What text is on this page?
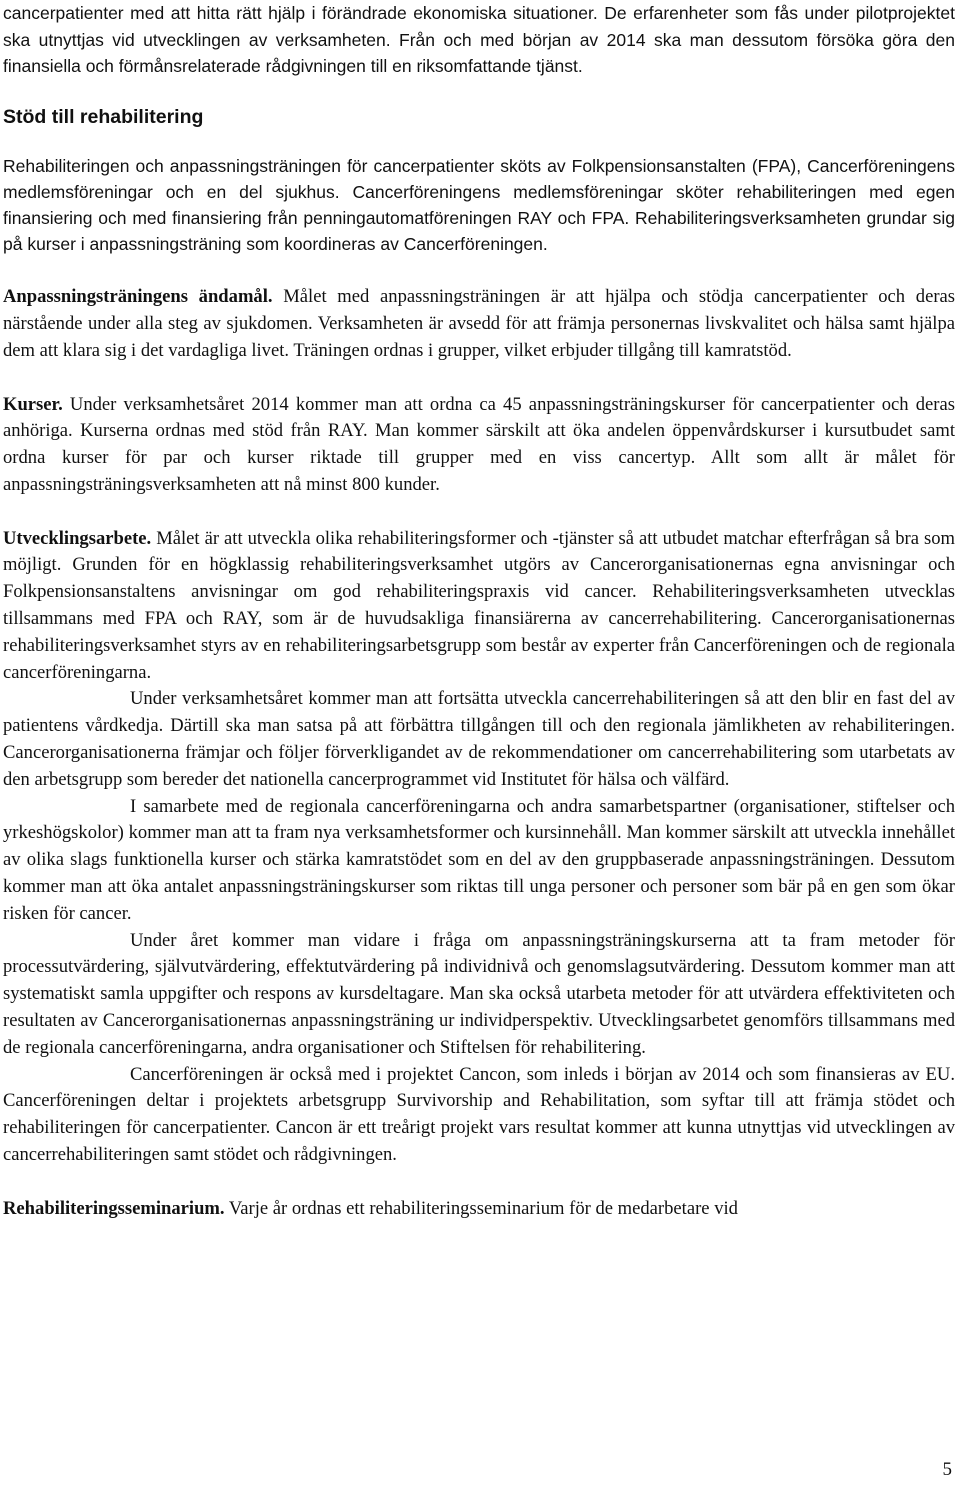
cancerpatienter med att hitta rätt hjälp i förändrade ekonomiska situationer. De erfarenheter som fås under pilotprojektet ska utnyttjas vid utvecklingen av verksamheten. Från och med början av 2014 ska man dessutom försöka göra den finansiella och förmånsrelaterade rådgivningen till en riksomfattande tjänst.

Stöd till rehabilitering

Rehabiliteringen och anpassningsträningen för cancerpatienter sköts av Folkpensionsanstalten (FPA), Cancerföreningens medlemsföreningar och en del sjukhus. Cancerföreningens medlemsföreningar sköter rehabiliteringen med egen finansiering och med finansiering från penningautomatföreningen RAY och FPA. Rehabiliteringsverksamheten grundar sig på kurser i anpassningsträning som koordineras av Cancerföreningen.

Anpassningsträningens ändamål. Målet med anpassningsträningen är att hjälpa och stödja cancerpatienter och deras närstående under alla steg av sjukdomen. Verksamheten är avsedd för att främja personernas livskvalitet och hälsa samt hjälpa dem att klara sig i det vardagliga livet. Träningen ordnas i grupper, vilket erbjuder tillgång till kamratstöd.

Kurser. Under verksamhetsåret 2014 kommer man att ordna ca 45 anpassningsträningskurser för cancerpatienter och deras anhöriga. Kurserna ordnas med stöd från RAY. Man kommer särskilt att öka andelen öppenvårdskurser i kursutbudet samt ordna kurser för par och kurser riktade till grupper med en viss cancertyp. Allt som allt är målet för anpassningsträningsverksamheten att nå minst 800 kunder.

Utvecklingsarbete. Målet är att utveckla olika rehabiliteringsformer och -tjänster så att utbudet matchar efterfrågan så bra som möjligt. Grunden för en högklassig rehabiliteringsverksamhet utgörs av Cancerorganisationernas egna anvisningar och Folkpensionsanstaltens anvisningar om god rehabiliteringspraxis vid cancer. Rehabiliteringsverksamheten utvecklas tillsammans med FPA och RAY, som är de huvudsakliga finansiärerna av cancerrehabilitering. Cancerorganisationernas rehabiliteringsverksamhet styrs av en rehabiliteringsarbetsgrupp som består av experter från Cancerföreningen och de regionala cancerföreningarna.

Under verksamhetsåret kommer man att fortsätta utveckla cancerrehabiliteringen så att den blir en fast del av patientens vårdkedja. Därtill ska man satsa på att förbättra tillgången till och den regionala jämlikheten av rehabiliteringen. Cancerorganisationerna främjar och följer förverkligandet av de rekommendationer om cancerrehabilitering som utarbetats av den arbetsgrupp som bereder det nationella cancerprogrammet vid Institutet för hälsa och välfärd.

I samarbete med de regionala cancerföreningarna och andra samarbetspartner (organisationer, stiftelser och yrkeshögskolor) kommer man att ta fram nya verksamhetsformer och kursinnehåll. Man kommer särskilt att utveckla innehållet av olika slags funktionella kurser och stärka kamratstödet som en del av den gruppbaserade anpassningsträningen. Dessutom kommer man att öka antalet anpassningsträningskurser som riktas till unga personer och personer som bär på en gen som ökar risken för cancer.

Under året kommer man vidare i fråga om anpassningsträningskurserna att ta fram metoder för processutvärdering, självutvärdering, effektutvärdering på individnivå och genomslagsutvärdering. Dessutom kommer man att systematiskt samla uppgifter och respons av kursdeltagare. Man ska också utarbeta metoder för att utvärdera effektiviteten och resultaten av Cancerorganisationernas anpassningsträning ur individperspektiv. Utvecklingsarbetet genomförs tillsammans med de regionala cancerföreningarna, andra organisationer och Stiftelsen för rehabilitering.

Cancerföreningen är också med i projektet Cancon, som inleds i början av 2014 och som finansieras av EU. Cancerföreningen deltar i projektets arbetsgrupp Survivorship and Rehabilitation, som syftar till att främja stödet och rehabiliteringen för cancerpatienter. Cancon är ett treårigt projekt vars resultat kommer att kunna utnyttjas vid utvecklingen av cancerrehabiliteringen samt stödet och rådgivningen.

Rehabiliteringsseminarium. Varje år ordnas ett rehabiliteringsseminarium för de medarbetare vid

5
